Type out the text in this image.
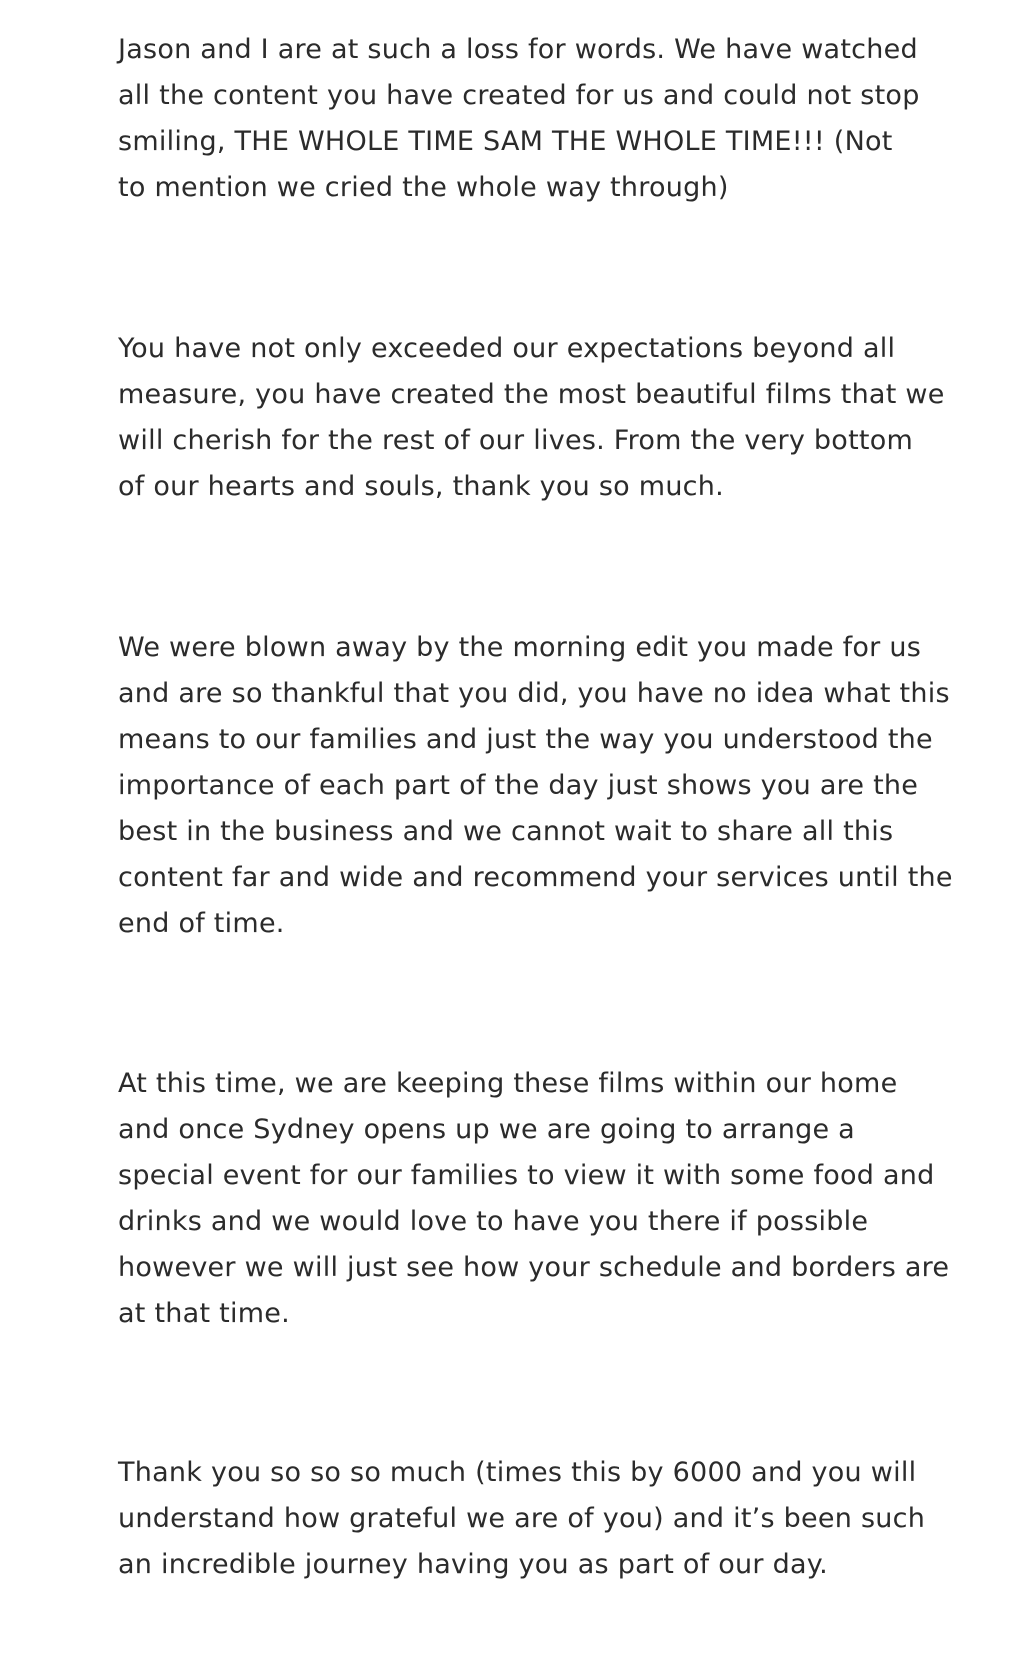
Jason and I are at such a loss for words. We have watched
all the content you have created for us and could not stop
smiling, THE WHOLE TIME SAM THE WHOLE TIME!!! (Not
to mention we cried the whole way through)

You have not only exceeded our expectations beyond all
measure, you have created the most beautiful films that we
will cherish for the rest of our lives. From the very bottom
of our hearts and souls, thank you so much.

We were blown away by the morning edit you made for us
and are so thankful that you did, you have no idea what this
means to our families and just the way you understood the
importance of each part of the day just shows you are the
best in the business and we cannot wait to share all this
content far and wide and recommend your services until the
end of time.

At this time, we are keeping these films within our home
and once Sydney opens up we are going to arrange a
special event for our families to view it with some food and
drinks and we would love to have you there if possible
however we will just see how your schedule and borders are
at that time.

Thank you so so so much (times this by 6000 and you will
understand how grateful we are of you) and it’s been such
an incredible journey having you as part of our day.
